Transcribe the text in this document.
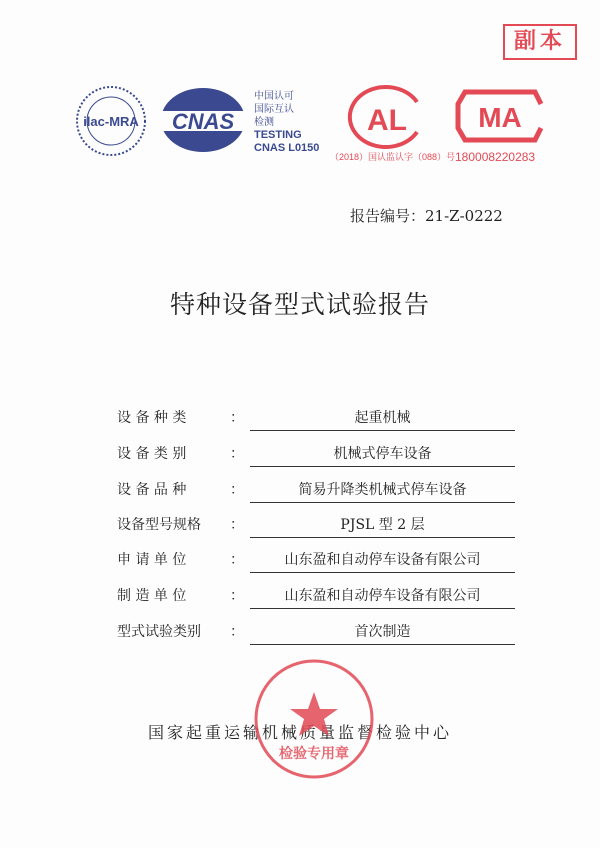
副本
ilac-MRA CNAS
中国认可
国际互认
检测
TESTING
CNAS L0150
AL
（2018）国认监认字（088）号
MA
180008220283
报告编号：21-Z-0222
特种设备型式试验报告
设 备 种 类	：	起重机械
设 备 类 别	：	机械式停车设备
设 备 品 种	：	简易升降类机械式停车设备
设备型号规格	：	PJSL 型 2 层
申 请 单 位	：	山东盈和自动停车设备有限公司
制 造 单 位	：	山东盈和自动停车设备有限公司
型式试验类别	：	首次制造
国家起重运输机械质量监督检验中心
检验专用章
